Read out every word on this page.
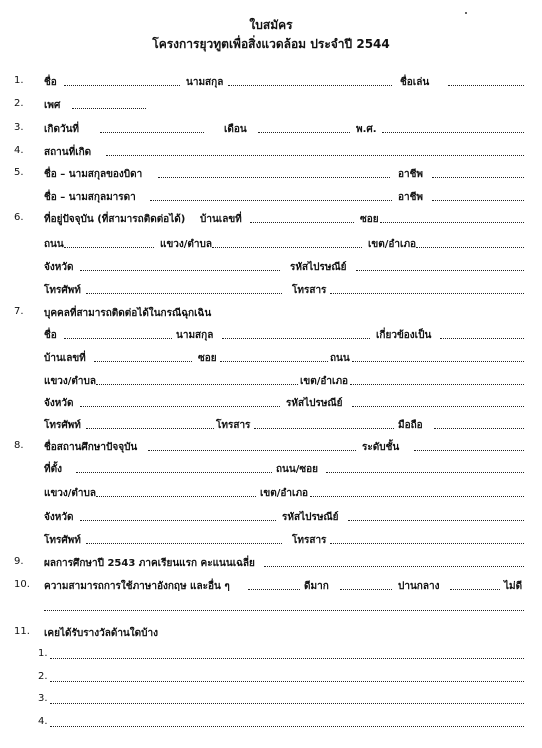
ใบสมัคร
โครงการยุวทูตเพื่อสิ่งแวดล้อม ประจำปี 2544
1. ชื่อ	นามสกุล	ชื่อเล่น
2. เพศ
3. เกิดวันที่	เดือน	พ.ศ.
4. สถานที่เกิด
5. ชื่อ – นามสกุลของบิดา	อาชีพ
ชื่อ – นามสกุลมารดา	อาชีพ
6. ที่อยู่ปัจจุบัน (ที่สามารถติดต่อได้) บ้านเลขที่	ซอย
ถนน	แขวง/ตำบล	เขต/อำเภอ
จังหวัด	รหัสไปรษณีย์
โทรศัพท์	โทรสาร
7. บุคคลที่สามารถติดต่อได้ในกรณีฉุกเฉิน
ชื่อ	นามสกุล	เกี่ยวข้องเป็น
บ้านเลขที่	ซอย	ถนน
แขวง/ตำบล	เขต/อำเภอ
จังหวัด	รหัสไปรษณีย์
โทรศัพท์	โทรสาร	มือถือ
8. ชื่อสถานศึกษาปัจจุบัน	ระดับชั้น
ที่ตั้ง	ถนน/ซอย
แขวง/ตำบล	เขต/อำเภอ
จังหวัด	รหัสไปรษณีย์
โทรศัพท์	โทรสาร
9. ผลการศึกษาปี 2543 ภาคเรียนแรก คะแนนเฉลี่ย
10. ความสามารถการใช้ภาษาอังกฤษ และอื่น ๆ	ดีมาก	ปานกลาง	ไม่ดี
11. เคยได้รับรางวัลด้านใดบ้าง
1.
2.
3.
4.
